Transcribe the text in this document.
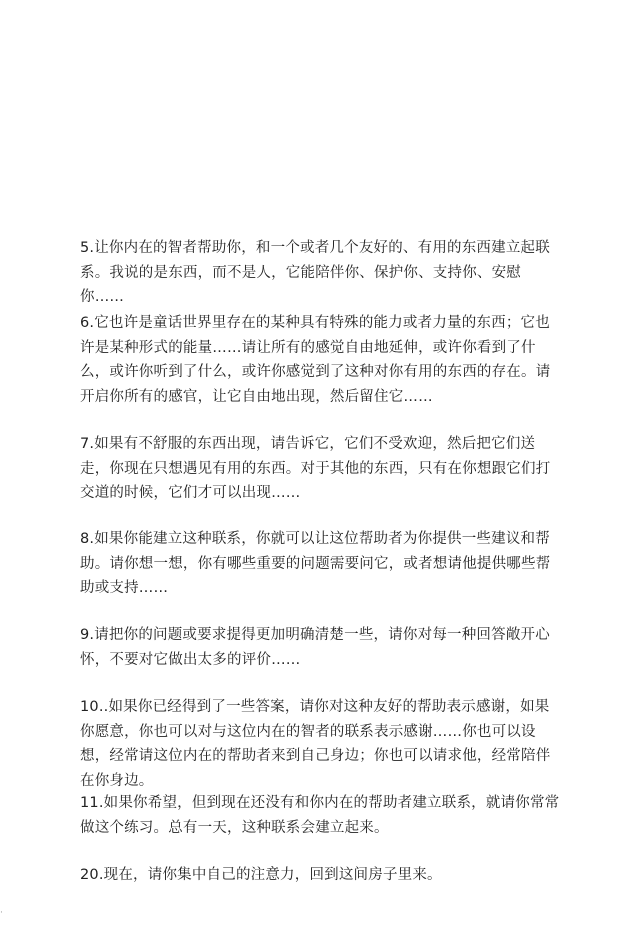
5.让你内在的智者帮助你，和一个或者几个友好的、有用的东西建立起联系。我说的是东西，而不是人，它能陪伴你、保护你、支持你、安慰你……

6.它也许是童话世界里存在的某种具有特殊的能力或者力量的东西；它也许是某种形式的能量……请让所有的感觉自由地延伸，或许你看到了什么，或许你听到了什么，或许你感觉到了这种对你有用的东西的存在。请开启你所有的感官，让它自由地出现，然后留住它……

7.如果有不舒服的东西出现，请告诉它，它们不受欢迎，然后把它们送走，你现在只想遇见有用的东西。对于其他的东西，只有在你想跟它们打交道的时候，它们才可以出现……

8.如果你能建立这种联系，你就可以让这位帮助者为你提供一些建议和帮助。请你想一想，你有哪些重要的问题需要问它，或者想请他提供哪些帮助或支持……

9.请把你的问题或要求提得更加明确清楚一些，请你对每一种回答敞开心怀，不要对它做出太多的评价……

10..如果你已经得到了一些答案，请你对这种友好的帮助表示感谢，如果你愿意，你也可以对与这位内在的智者的联系表示感谢……你也可以设想，经常请这位内在的帮助者来到自己身边；你也可以请求他，经常陪伴在你身边。

11.如果你希望，但到现在还没有和你内在的帮助者建立联系，就请你常常做这个练习。总有一天，这种联系会建立起来。

20.现在，请你集中自己的注意力，回到这间房子里来。

·
